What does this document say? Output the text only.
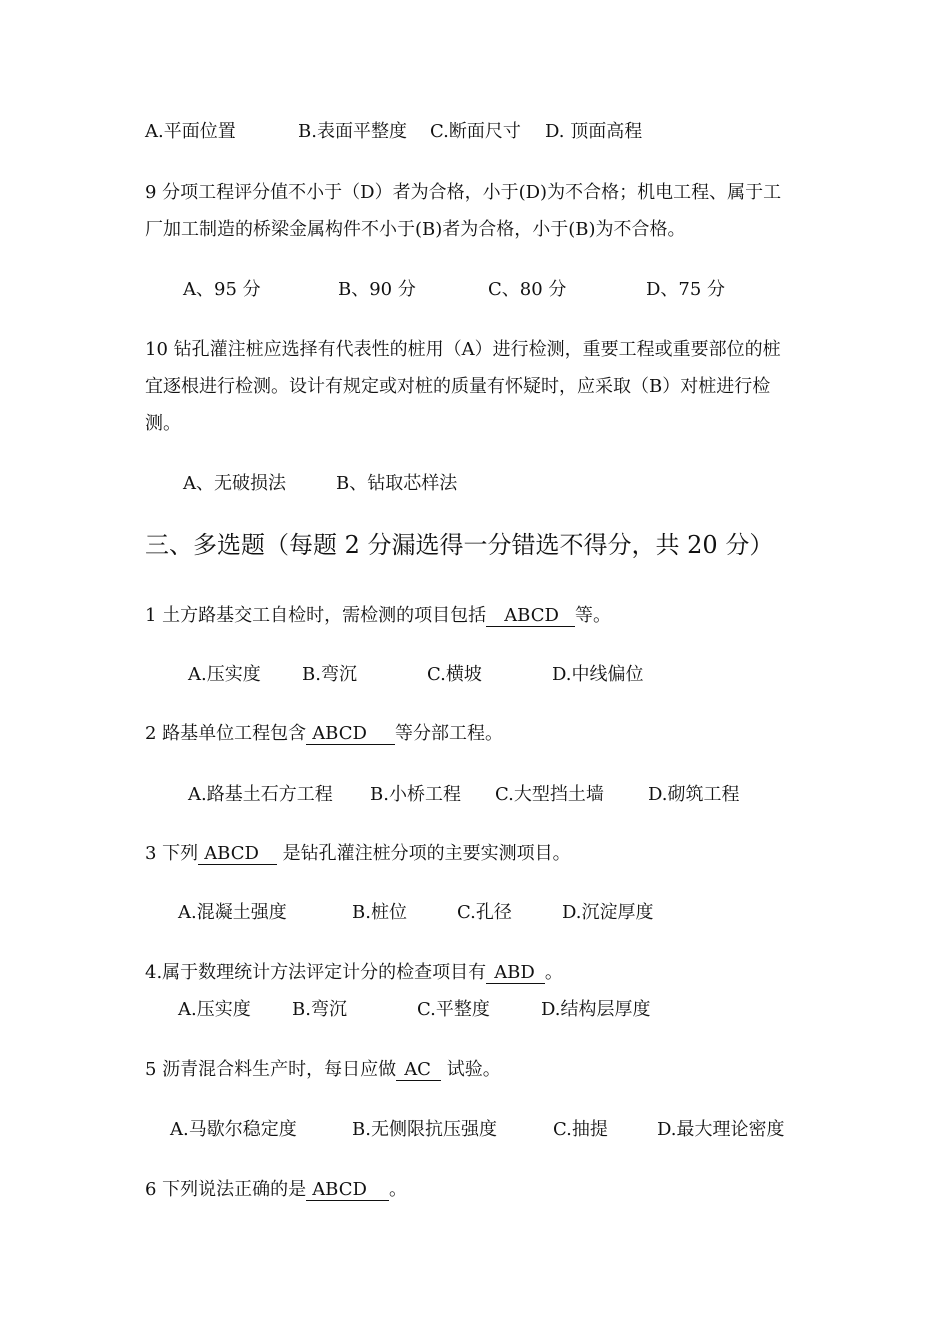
A.平面位置	B.表面平整度 C.断面尺寸 D. 顶面高程
9 分项工程评分值不小于（D）者为合格，小于(D)为不合格；机电工程、属于工
厂加工制造的桥梁金属构件不小于(B)者为合格，小于(B)为不合格。
A、95 分	B、90 分	C、80 分	D、75 分
10 钻孔灌注桩应选择有代表性的桩用（A）进行检测，重要工程或重要部位的桩
宜逐根进行检测。设计有规定或对桩的质量有怀疑时，应采取（B）对桩进行检
测。
A、无破损法	B、钻取芯样法
三、多选题（每题 2 分漏选得一分错选不得分，共 20 分）
1 土方路基交工自检时，需检测的项目包括 ABCD 等。
A.压实度 B.弯沉	C.横坡	D.中线偏位
2 路基单位工程包含 ABCD 等分部工程。
A.路基土石方工程 B.小桥工程 C.大型挡土墙 D.砌筑工程
3 下列 ABCD 是钻孔灌注桩分项的主要实测项目。
A.混凝土强度	B.桩位	C.孔径	D.沉淀厚度
4.属于数理统计方法评定计分的检查项目有 ABD 。
A.压实度 B.弯沉	C.平整度	D.结构层厚度
5 沥青混合料生产时，每日应做 AC 试验。
A.马歇尔稳定度	B.无侧限抗压强度	C.抽提	D.最大理论密度
6 下列说法正确的是 ABCD 。
